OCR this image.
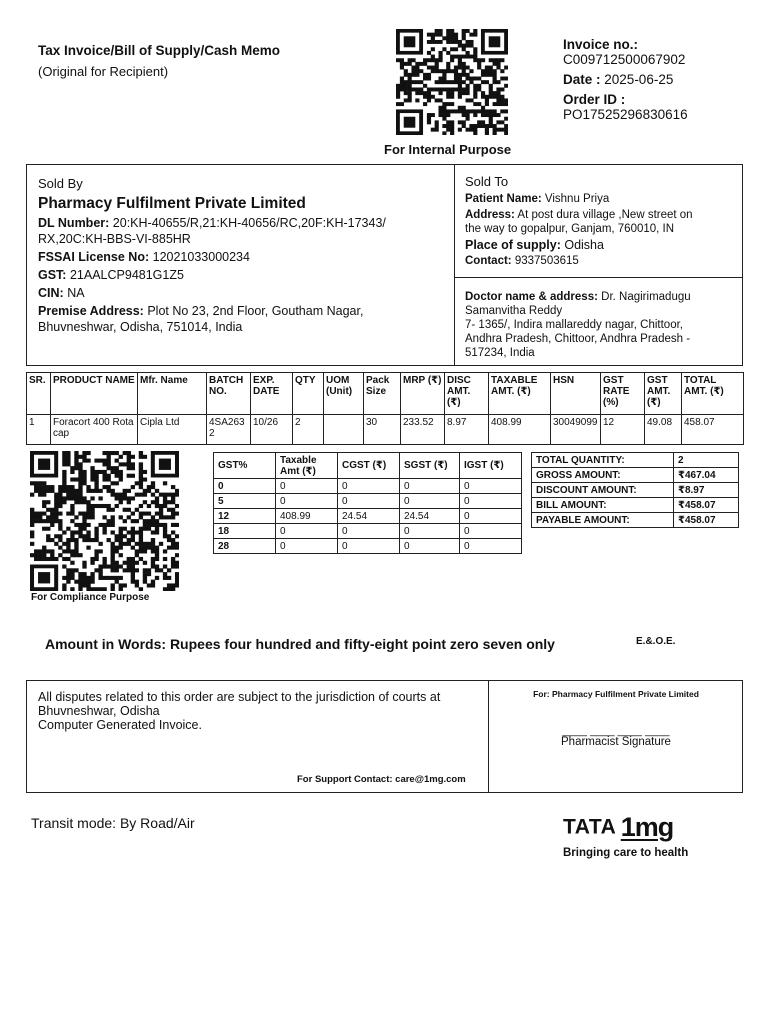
Tax Invoice/Bill of Supply/Cash Memo
(Original for Recipient)
For Internal Purpose
Invoice no.:
C009712500067902
Date : 2025-06-25
Order ID :
PO17525296830616
Sold By
Pharmacy Fulfilment Private Limited
DL Number: 20:KH-40655/R,21:KH-40656/RC,20F:KH-17343/
RX,20C:KH-BBS-VI-885HR
FSSAI License No: 12021033000234
GST: 21AALCP9481G1Z5
CIN: NA
Premise Address: Plot No 23, 2nd Floor, Goutham Nagar,
Bhuvneshwar, Odisha, 751014, India
Sold To
Patient Name: Vishnu Priya
Address: At post dura village ,New street on
the way to gopalpur, Ganjam, 760010, IN
Place of supply: Odisha
Contact: 9337503615
Doctor name & address: Dr. Nagirimadugu
Samanvitha Reddy
7- 1365/, Indira mallareddy nagar, Chittoor,
Andhra Pradesh, Chittoor, Andhra Pradesh -
517234, India
SR.	PRODUCT NAME	Mfr. Name	BATCH NO.	EXP. DATE	QTY	UOM (Unit)	Pack Size	MRP (₹)	DISC AMT. (₹)	TAXABLE AMT. (₹)	HSN	GST RATE (%)	GST AMT. (₹)	TOTAL AMT. (₹)
1	Foracort 400 Rotacap	Cipla Ltd	4SA2632	10/26	2		30	233.52	8.97	408.99	30049099	12	49.08	458.07
For Compliance Purpose
GST%	Taxable Amt (₹)	CGST (₹)	SGST (₹)	IGST (₹)
0	0	0	0	0
5	0	0	0	0
12	408.99	24.54	24.54	0
18	0	0	0	0
28	0	0	0	0
TOTAL QUANTITY:	2
GROSS AMOUNT:	₹467.04
DISCOUNT AMOUNT:	₹8.97
BILL AMOUNT:	₹458.07
PAYABLE AMOUNT:	₹458.07
Amount in Words: Rupees four hundred and fifty-eight point zero seven only	E.&.O.E.
All disputes related to this order are subject to the jurisdiction of courts at
Bhuvneshwar, Odisha
Computer Generated Invoice.
For Support Contact: care@1mg.com
For: Pharmacy Fulfilment Private Limited
____ ____ ____ ____
Pharmacist Signature
Transit mode: By Road/Air	TATA 1mg
Bringing care to health
